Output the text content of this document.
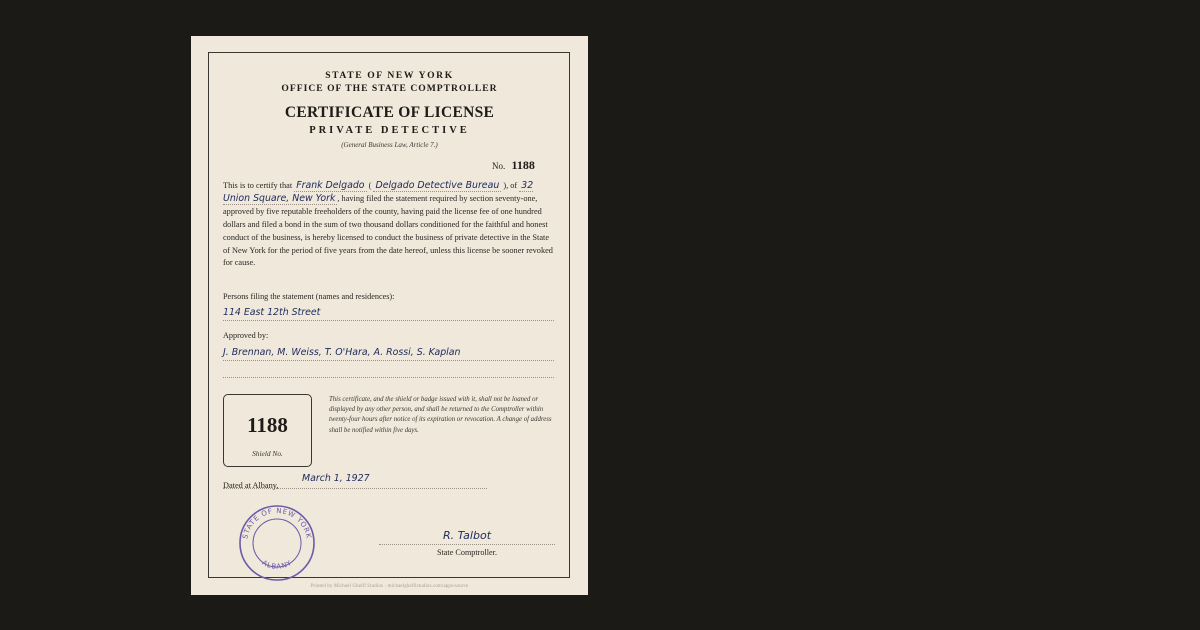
STATE OF NEW YORK
OFFICE OF THE STATE COMPTROLLER
CERTIFICATE OF LICENSE
PRIVATE DETECTIVE
(General Business Law, Article 7.)
No. 1188
This is to certify that Frank Delgado ( Delgado Detective Bureau ), of 32 Union Square, New York , having filed the statement required by section seventy-one, approved by five reputable freeholders of the county, having paid the license fee of one hundred dollars and filed a bond in the sum of two thousand dollars conditioned for the faithful and honest conduct of the business, is hereby licensed to conduct the business of private detective in the State of New York for the period of five years from the date hereof, unless this license be sooner revoked for cause.
Persons filing the statement (names and residences):
114 East 12th Street
Approved by:
J. Brennan, M. Weiss, T. O'Hara, A. Rossi, S. Kaplan
1188
Shield No.
This certificate, and the shield or badge issued with it, shall not be loaned or displayed by any other person, and shall be returned to the Comptroller within twenty-four hours after notice of its expiration or revocation. A change of address shall be notified within five days.
Dated at Albany,
March 1, 1927
STATE OF NEW YORK
ALBANY
R. Talbot
State Comptroller.
Printed by Michael Ghelfi Studios · michaelghelfistudios.com/apps/source
